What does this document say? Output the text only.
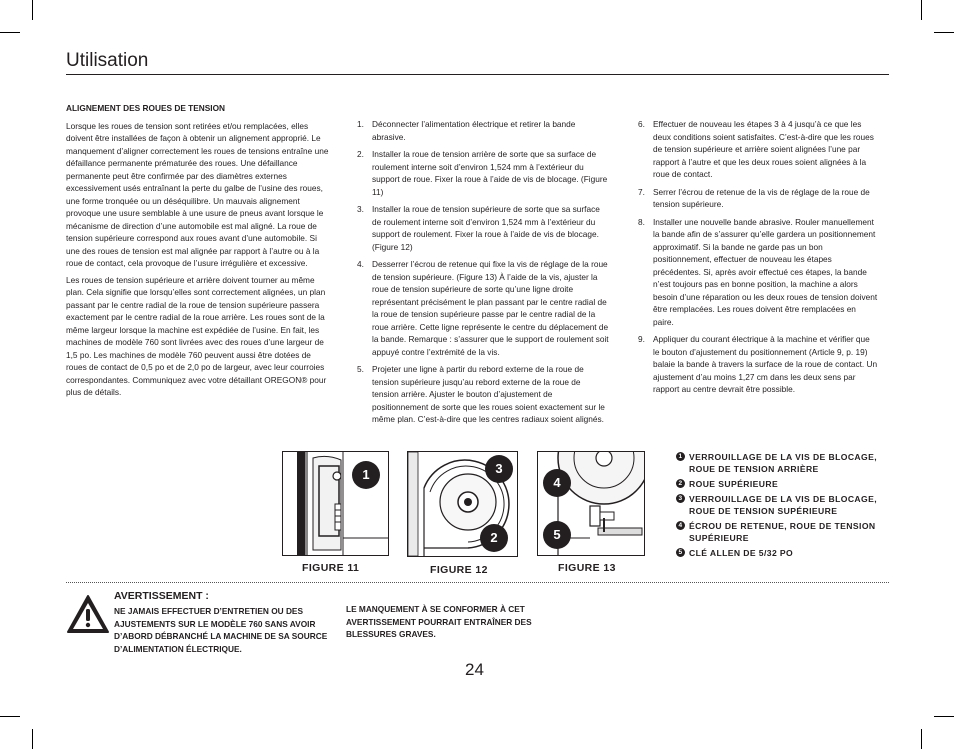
Utilisation
ALIGNEMENT DES ROUES DE TENSION

Lorsque les roues de tension sont retirées et/ou remplacées, elles doivent être installées de façon à obtenir un alignement approprié. Le manquement d’aligner correctement les roues de tensions entraîne une défaillance permanente prématurée des roues. Une défaillance permanente peut être confirmée par des diamètres externes excessivement usés entraînant la perte du galbe de l’usine des roues, une forme tronquée ou un déséquilibre. Un mauvais alignement provoque une usure semblable à une usure de pneus avant lorsque le mécanisme de direction d’une automobile est mal aligné. La roue de tension supérieure correspond aux roues avant d’une automobile. Si une des roues de tension est mal alignée par rapport à l’autre ou à la roue de contact, cela provoque de l’usure irrégulière et excessive.

Les roues de tension supérieure et arrière doivent tourner au même plan. Cela signifie que lorsqu’elles sont correctement alignées, un plan passant par le centre radial de la roue de tension supérieure passera exactement par le centre radial de la roue arrière. Les roues sont de la même largeur lorsque la machine est expédiée de l’usine. En fait, les machines de modèle 760 sont livrées avec des roues d’une largeur de 1,5 po. Les machines de modèle 760 peuvent aussi être dotées de roues de contact de 0,5 po et de 2,0 po de largeur, avec leur courroies correspondantes. Communiquez avec votre détaillant OREGON® pour plus de détails.

1. Déconnecter l’alimentation électrique et retirer la bande abrasive.
2. Installer la roue de tension arrière de sorte que sa surface de roulement interne soit d’environ 1,524 mm à l’extérieur du support de roue. Fixer la roue à l’aide de vis de blocage. (Figure 11)
3. Installer la roue de tension supérieure de sorte que sa surface de roulement interne soit d’environ 1,524 mm à l’extérieur du support de roulement. Fixer la roue à l’aide de vis de blocage. (Figure 12)
4. Desserrer l’écrou de retenue qui fixe la vis de réglage de la roue de tension supérieure. (Figure 13) À l’aide de la vis, ajuster la roue de tension supérieure de sorte qu’une ligne droite représentant précisément le plan passant par le centre radial de la roue de tension supérieure passe par le centre radial de la roue arrière. Cette ligne représente le centre du déplacement de la bande. Remarque : s’assurer que le support de roulement soit appuyé contre l’extrémité de la vis.
5. Projeter une ligne à partir du rebord externe de la roue de tension supérieure jusqu’au rebord externe de la roue de tension arrière. Ajuster le bouton d’ajustement de positionnement de sorte que les roues soient exactement sur le même plan. C’est-à-dire que les centres radiaux soient alignés.
6. Effectuer de nouveau les étapes 3 à 4 jusqu’à ce que les deux conditions soient satisfaites. C’est-à-dire que les roues de tension supérieure et arrière soient alignées l’une par rapport à l’autre et que les deux roues soient alignées à la roue de contact.
7. Serrer l’écrou de retenue de la vis de réglage de la roue de tension supérieure.
8. Installer une nouvelle bande abrasive. Rouler manuellement la bande afin de s’assurer qu’elle gardera un positionnement approximatif. Si la bande ne garde pas un bon positionnement, effectuer de nouveau les étapes précédentes. Si, après avoir effectué ces étapes, la bande n’est toujours pas en bonne position, la machine a alors besoin d’une réparation ou les deux roues de tension doivent être remplacées. Les roues doivent être remplacées en paire.
9. Appliquer du courant électrique à la machine et vérifier que le bouton d’ajustement du positionnement (Article 9, p. 19) balaie la bande à travers la surface de la roue de contact. Un ajustement d’au moins 1,27 cm dans les deux sens par rapport au centre devrait être possible.
1
FIGURE 11
3
2
FIGURE 12
4
5
FIGURE 13
1 VERROUILLAGE DE LA VIS DE BLOCAGE, ROUE DE TENSION ARRIÈRE
2 ROUE SUPÉRIEURE
3 VERROUILLAGE DE LA VIS DE BLOCAGE, ROUE DE TENSION SUPÉRIEURE
4 ÉCROU DE RETENUE, ROUE DE TENSION SUPÉRIEURE
5 CLÉ ALLEN DE 5/32 PO
AVERTISSEMENT :
NE JAMAIS EFFECTUER D’ENTRETIEN OU DES AJUSTEMENTS SUR LE MODÈLE 760 SANS AVOIR D’ABORD DÉBRANCHÉ LA MACHINE DE SA SOURCE D’ALIMENTATION ÉLECTRIQUE.
LE MANQUEMENT À SE CONFORMER À CET AVERTISSEMENT POURRAIT ENTRAÎNER DES BLESSURES GRAVES.
24
